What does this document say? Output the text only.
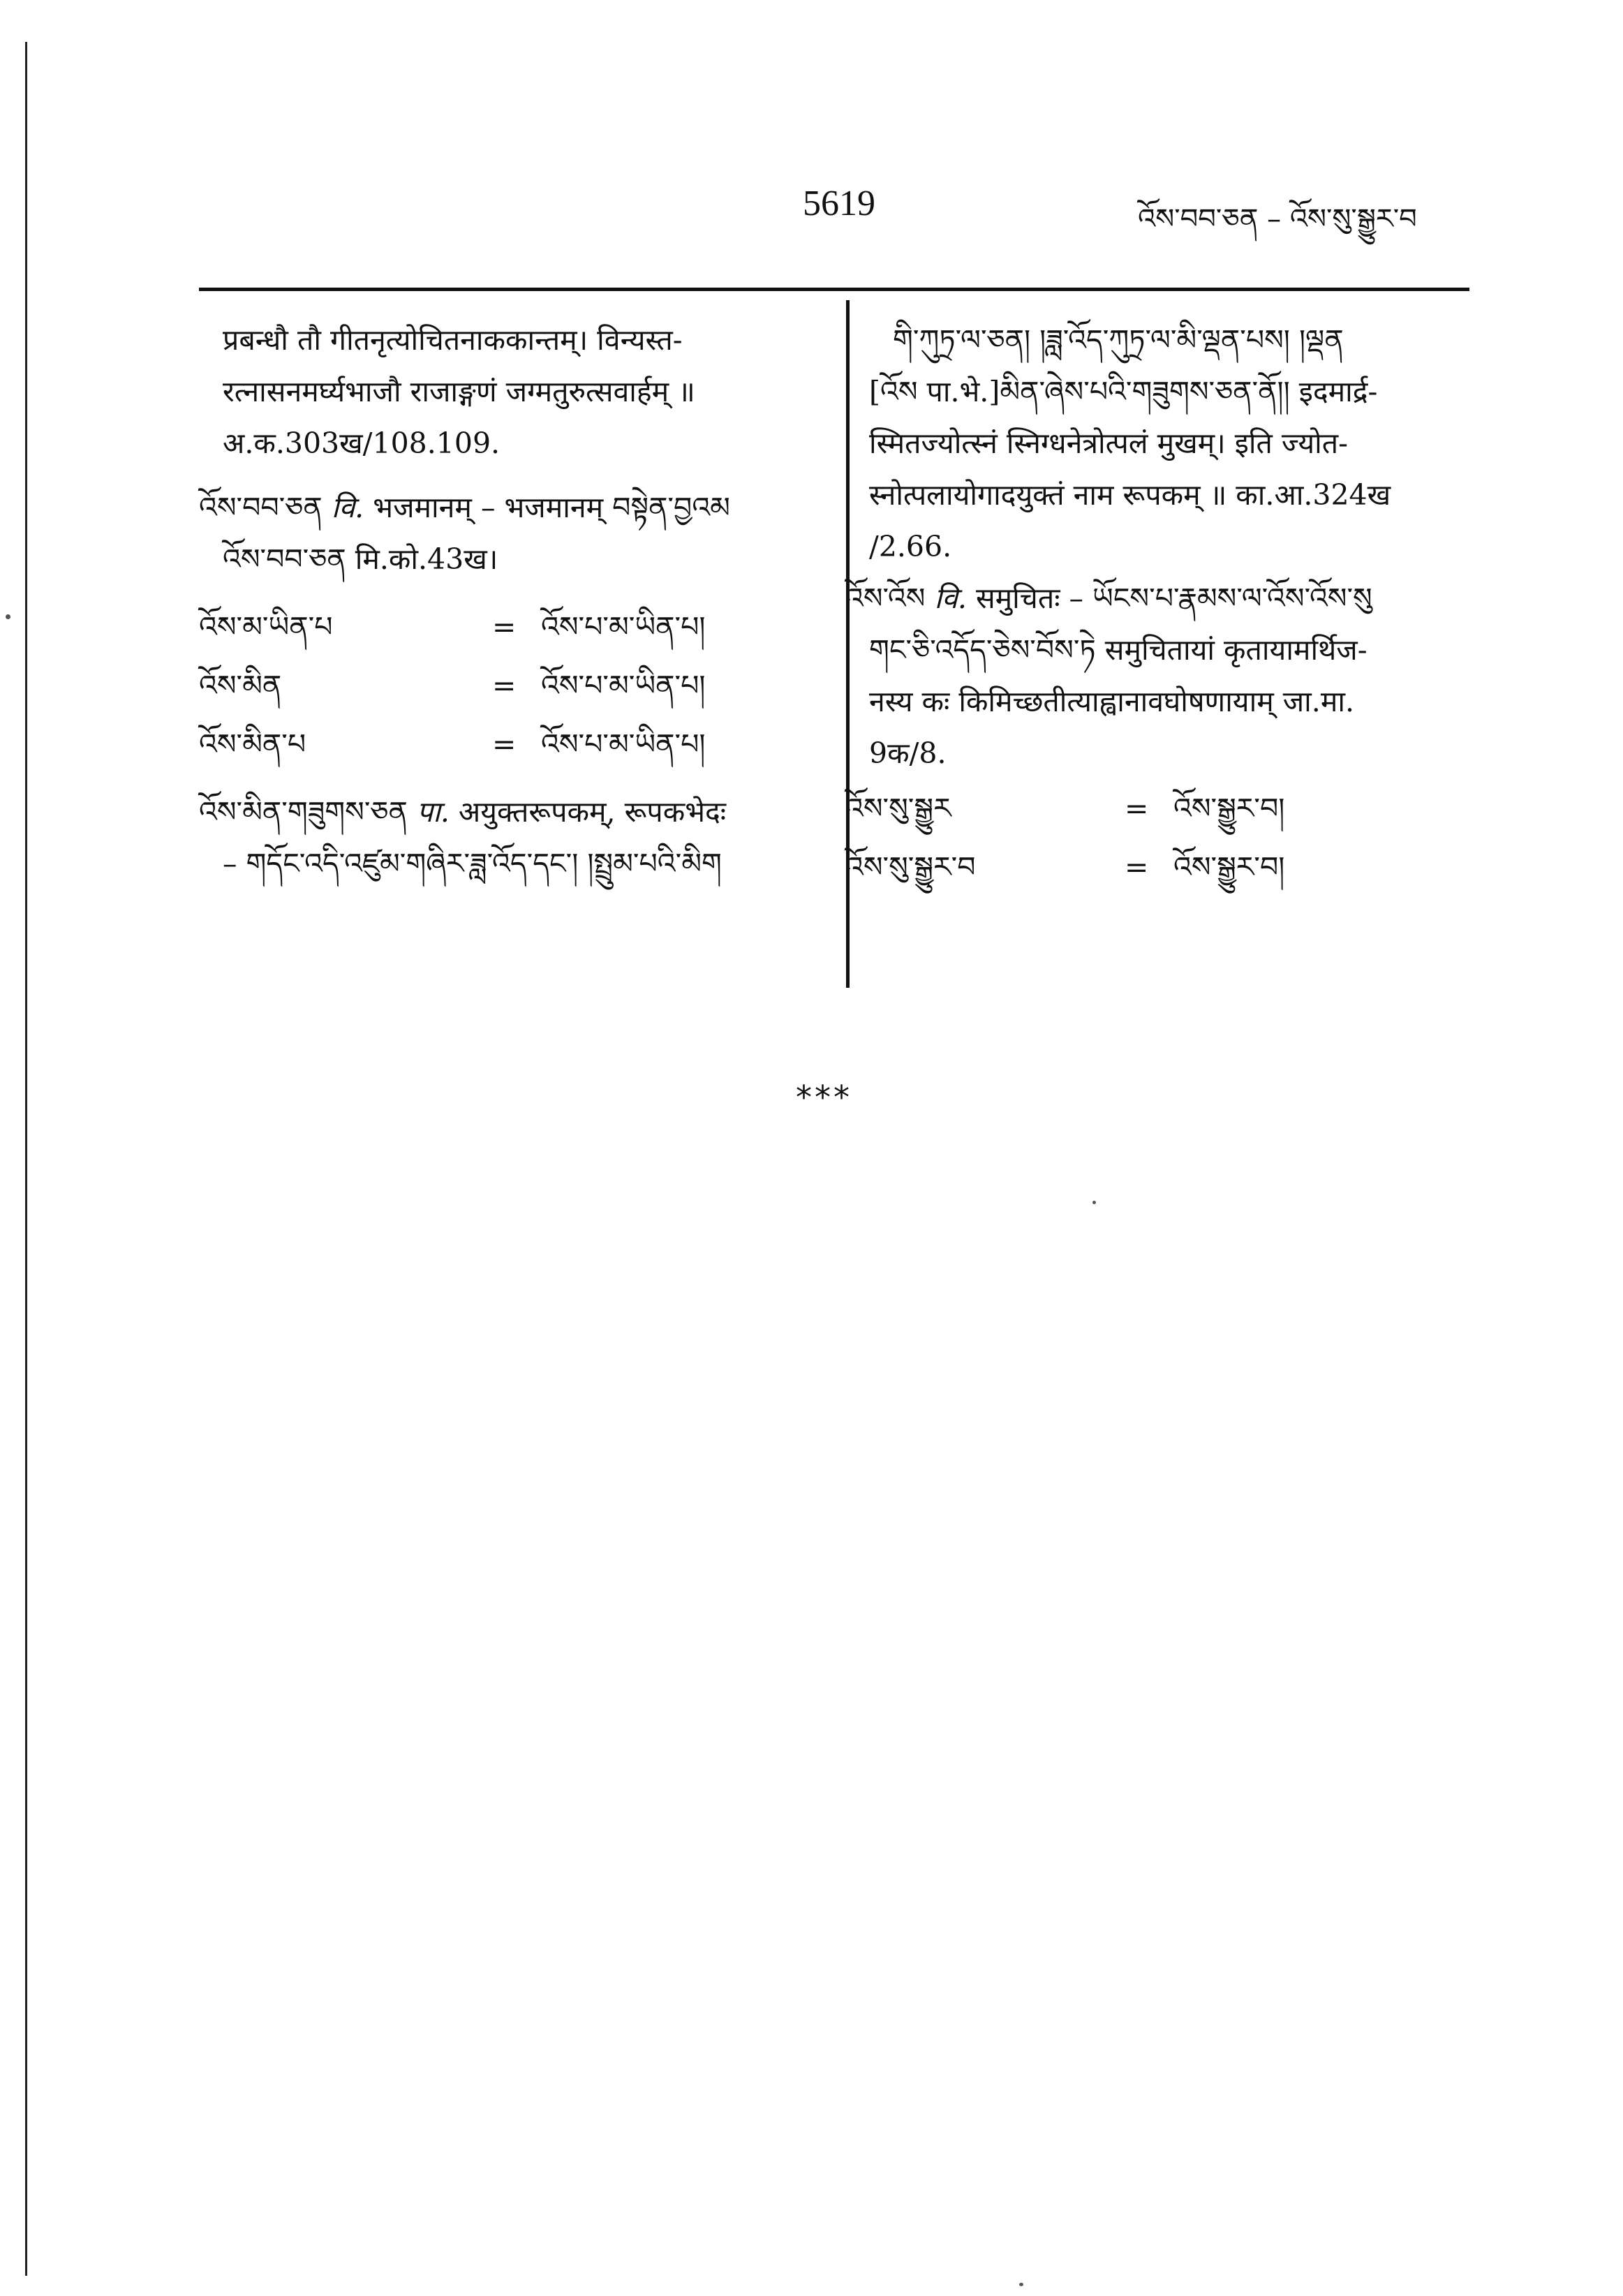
5619	འོས་བབ་ཅན – འོས་སུ་སྒྱུར་བ
प्रबन्धौ तौ गीतनृत्योचितनाककान्तम्। विन्यस्त-
रत्नासनमर्घ्यभाजौ राजाङ्गणं जग्मतुरुत्सवार्हम् ॥
अ.क.303ख/108.109.
འོས་བབ་ཅན वि. भजमानम् – भजमानम् བསྟེན་བྱའམ
འོས་བབ་ཅན मि.को.43ख।
འོས་མ་ཡིན་པ	= འོས་པ་མ་ཡིན་པ།
འོས་མིན	= འོས་པ་མ་ཡིན་པ།
འོས་མིན་པ	= འོས་པ་མ་ཡིན་པ།
འོས་མིན་གཟུགས་ཅན पा. अयुक्तरूपकम्, रूपकभेदः
– གདོང་འདི་འཛུམ་གཞིར་ཟླ་འོད་དང་། །སྤྲུམ་པའི་མིག
གི་ཀུཏྲ་ལ་ཅན། །ཟླ་འོད་ཀུཏྲ་ལ་མི་ལྡན་པས། །ལྡན
[འོས पा.भे.]མིན་ཞེས་པའི་གཟུགས་ཅན་ནོ།། इदमार्द्र-
स्मितज्योत्स्नं स्निग्धनेत्रोत्पलं मुखम्। इति ज्योत-
स्नोत्पलायोगादयुक्तं नाम रूपकम् ॥ का.आ.324ख
/2.66.
འོས་འོས वि. समुचितः – ཡོངས་པ་རྣམས་ལ་འོས་འོས་སུ
གང་ཅི་འདོད་ཅེས་བོས་ཏེ समुचितायां कृतायामर्थिज-
नस्य कः किमिच्छतीत्याह्वानावघोषणायाम् जा.मा.
9क/8.
འོས་སུ་སྒྱུར	= འོས་སྒྱུར་བ།
འོས་སུ་སྒྱུར་བ	= འོས་སྒྱུར་བ།
***
